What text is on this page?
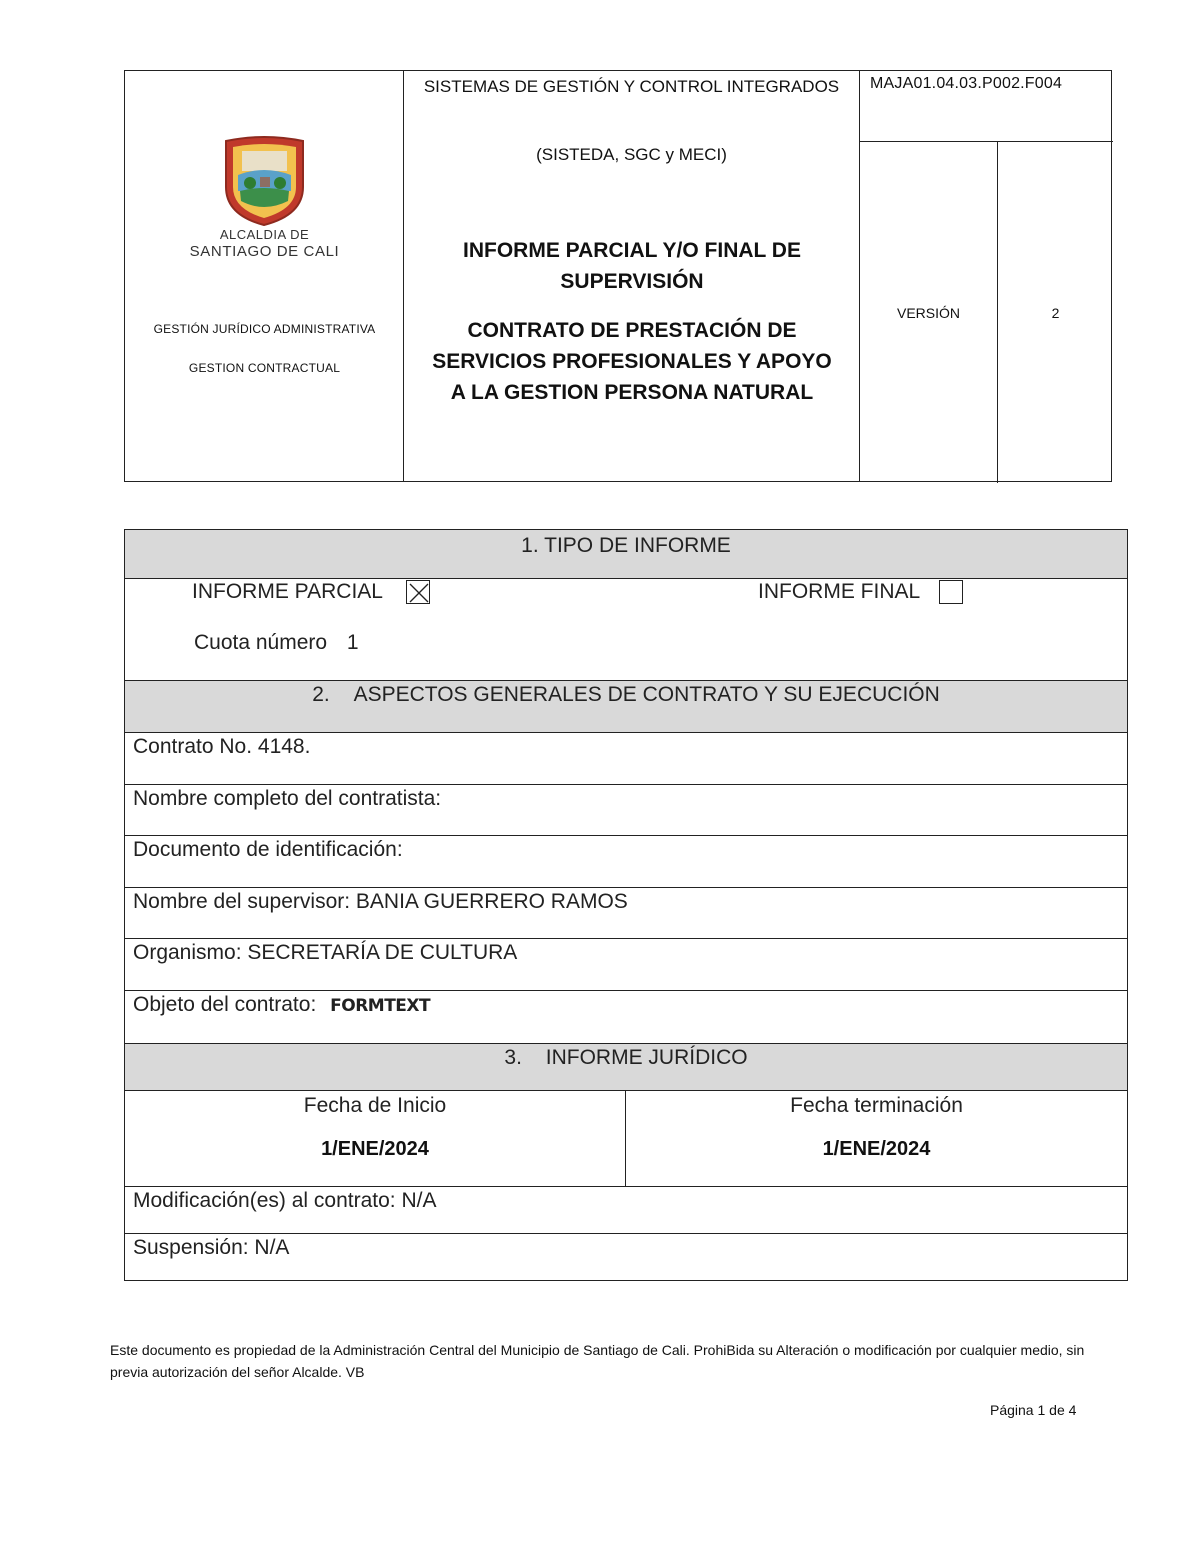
ALCALDIA DE
SANTIAGO DE CALI
GESTIÓN JURÍDICO ADMINISTRATIVA
GESTION CONTRACTUAL
SISTEMAS DE GESTIÓN Y CONTROL INTEGRADOS
(SISTEDA, SGC y MECI)
INFORME PARCIAL Y/O FINAL DE SUPERVISIÓN
CONTRATO DE PRESTACIÓN DE SERVICIOS PROFESIONALES Y APOYO A LA GESTION PERSONA NATURAL
MAJA01.04.03.P002.F004
VERSIÓN	2
1. TIPO DE INFORME
INFORME PARCIAL	INFORME FINAL
Cuota número 1
2. ASPECTOS GENERALES DE CONTRATO Y SU EJECUCIÓN
Contrato No. 4148.
Nombre completo del contratista:
Documento de identificación:
Nombre del supervisor: BANIA GUERRERO RAMOS
Organismo: SECRETARÍA DE CULTURA
Objeto del contrato: FORMTEXT
3. INFORME JURÍDICO
Fecha de Inicio
1/ENE/2024
Fecha terminación
1/ENE/2024
Modificación(es) al contrato: N/A
Suspensión: N/A
Este documento es propiedad de la Administración Central del Municipio de Santiago de Cali. ProhiBida su Alteración o modificación por cualquier medio, sin previa autorización del señor Alcalde. VB
Página 1 de 4
